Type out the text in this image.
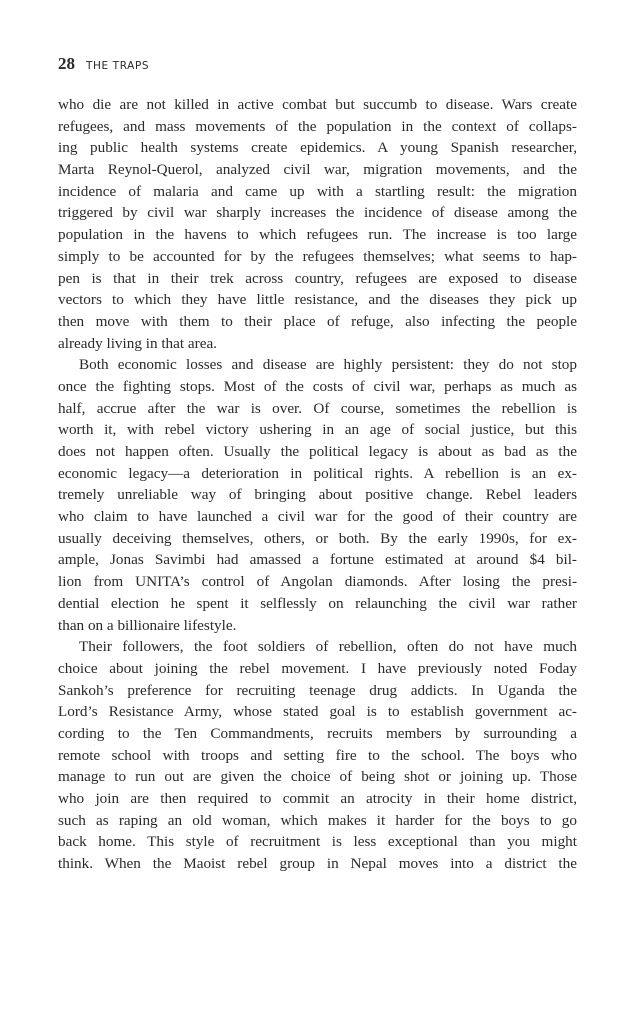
28 THE TRAPS
who die are not killed in active combat but succumb to disease. Wars create
refugees, and mass movements of the population in the context of collaps-
ing public health systems create epidemics. A young Spanish researcher,
Marta Reynol-Querol, analyzed civil war, migration movements, and the
incidence of malaria and came up with a startling result: the migration
triggered by civil war sharply increases the incidence of disease among the
population in the havens to which refugees run. The increase is too large
simply to be accounted for by the refugees themselves; what seems to hap-
pen is that in their trek across country, refugees are exposed to disease
vectors to which they have little resistance, and the diseases they pick up
then move with them to their place of refuge, also infecting the people
already living in that area.
Both economic losses and disease are highly persistent: they do not stop
once the fighting stops. Most of the costs of civil war, perhaps as much as
half, accrue after the war is over. Of course, sometimes the rebellion is
worth it, with rebel victory ushering in an age of social justice, but this
does not happen often. Usually the political legacy is about as bad as the
economic legacy—a deterioration in political rights. A rebellion is an ex-
tremely unreliable way of bringing about positive change. Rebel leaders
who claim to have launched a civil war for the good of their country are
usually deceiving themselves, others, or both. By the early 1990s, for ex-
ample, Jonas Savimbi had amassed a fortune estimated at around $4 bil-
lion from UNITA’s control of Angolan diamonds. After losing the presi-
dential election he spent it selflessly on relaunching the civil war rather
than on a billionaire lifestyle.
Their followers, the foot soldiers of rebellion, often do not have much
choice about joining the rebel movement. I have previously noted Foday
Sankoh’s preference for recruiting teenage drug addicts. In Uganda the
Lord’s Resistance Army, whose stated goal is to establish government ac-
cording to the Ten Commandments, recruits members by surrounding a
remote school with troops and setting fire to the school. The boys who
manage to run out are given the choice of being shot or joining up. Those
who join are then required to commit an atrocity in their home district,
such as raping an old woman, which makes it harder for the boys to go
back home. This style of recruitment is less exceptional than you might
think. When the Maoist rebel group in Nepal moves into a district the
